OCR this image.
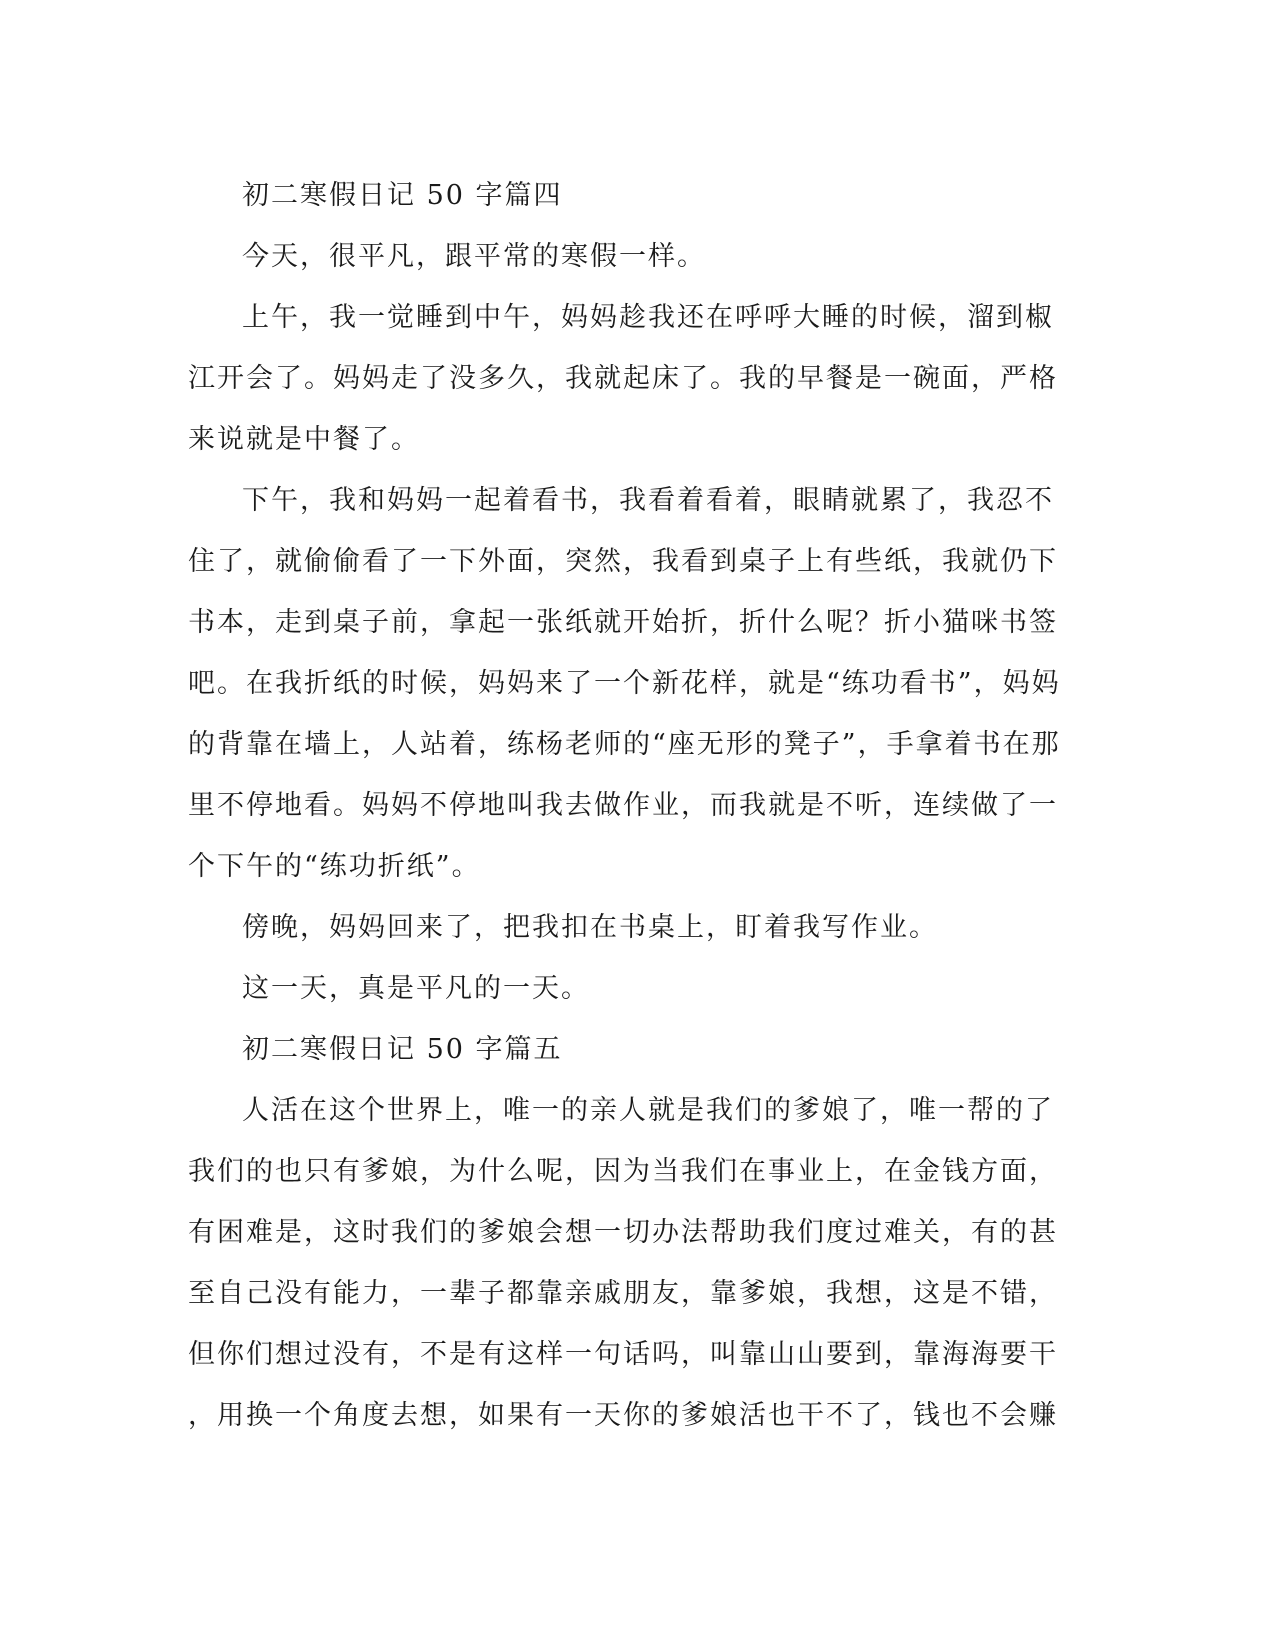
初二寒假日记 50 字篇四

今天，很平凡，跟平常的寒假一样。

上午，我一觉睡到中午，妈妈趁我还在呼呼大睡的时候，溜到椒

江开会了。妈妈走了没多久，我就起床了。我的早餐是一碗面，严格

来说就是中餐了。

下午，我和妈妈一起着看书，我看着看着，眼睛就累了，我忍不

住了，就偷偷看了一下外面，突然，我看到桌子上有些纸，我就仍下

书本，走到桌子前，拿起一张纸就开始折，折什么呢？折小猫咪书签

吧。在我折纸的时候，妈妈来了一个新花样，就是“练功看书”，妈妈

的背靠在墙上，人站着，练杨老师的“座无形的凳子”，手拿着书在那

里不停地看。妈妈不停地叫我去做作业，而我就是不听，连续做了一

个下午的“练功折纸”。

傍晚，妈妈回来了，把我扣在书桌上，盯着我写作业。

这一天，真是平凡的一天。

初二寒假日记 50 字篇五

人活在这个世界上，唯一的亲人就是我们的爹娘了，唯一帮的了

我们的也只有爹娘，为什么呢，因为当我们在事业上，在金钱方面，

有困难是，这时我们的爹娘会想一切办法帮助我们度过难关，有的甚

至自己没有能力，一辈子都靠亲戚朋友，靠爹娘，我想，这是不错，

但你们想过没有，不是有这样一句话吗，叫靠山山要到，靠海海要干

，用换一个角度去想，如果有一天你的爹娘活也干不了，钱也不会赚
